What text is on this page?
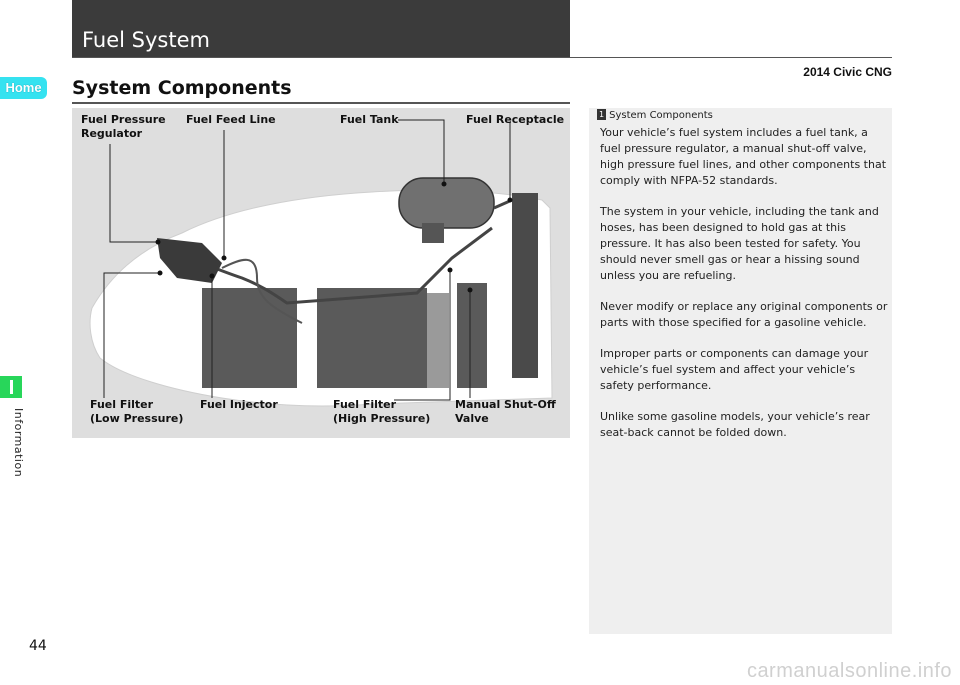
Fuel System
2014 Civic CNG
Home
Information
System Components
Fuel Pressure
Regulator
Fuel Feed Line	Fuel Tank	Fuel Receptacle
Fuel Filter
(Low Pressure)
Fuel Injector	Fuel Filter
(High Pressure)
Manual Shut-Off
Valve
1 System Components

Your vehicle’s fuel system includes a fuel tank, a fuel pressure regulator, a manual shut-off valve, high pressure fuel lines, and other components that comply with NFPA-52 standards.

The system in your vehicle, including the tank and hoses, has been designed to hold gas at this pressure. It has also been tested for safety. You should never smell gas or hear a hissing sound unless you are refueling.

Never modify or replace any original components or parts with those specified for a gasoline vehicle.

Improper parts or components can damage your vehicle’s fuel system and affect your vehicle’s safety performance.

Unlike some gasoline models, your vehicle’s rear seat-back cannot be folded down.

44
carmanualsonline.info
